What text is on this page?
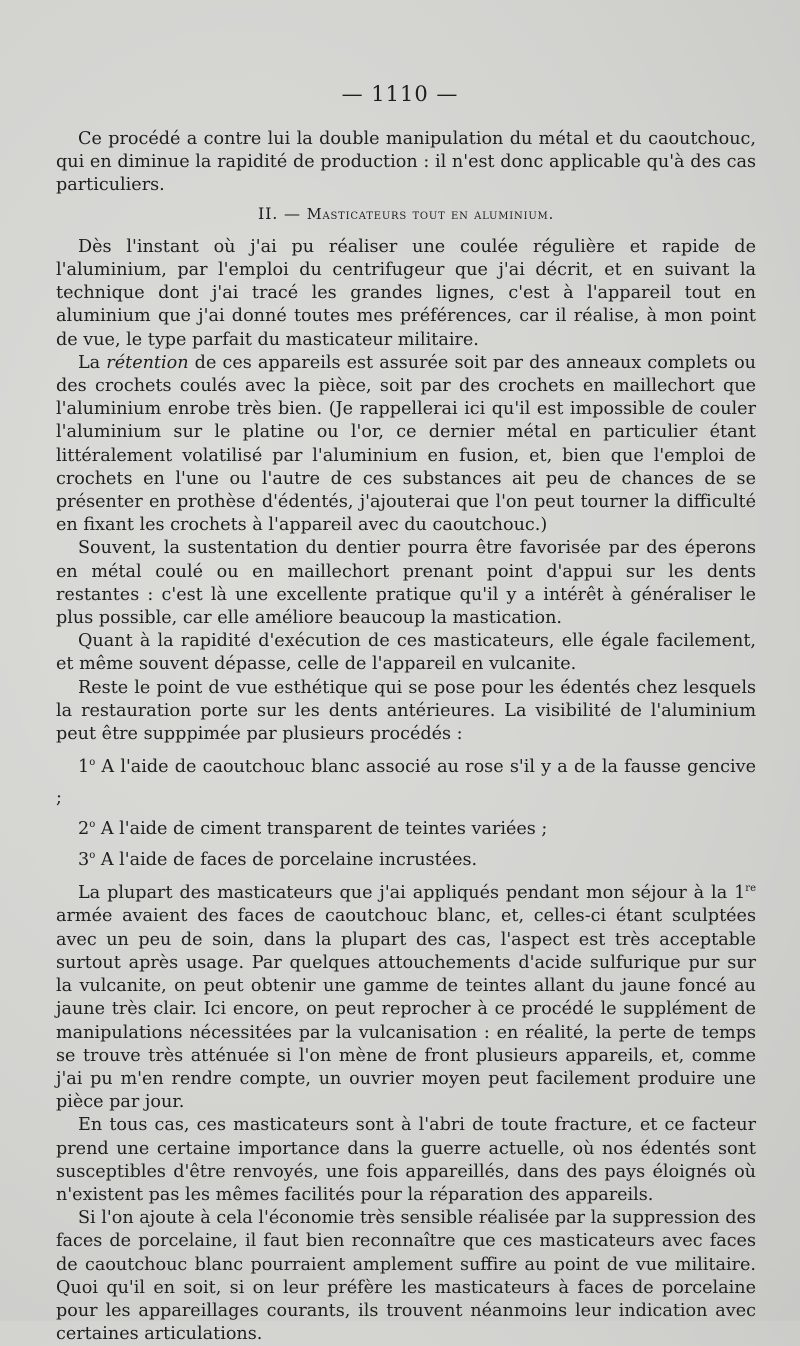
— 1110 —

Ce procédé a contre lui la double manipulation du métal et du caoutchouc, qui en diminue la rapidité de production : il n'est donc applicable qu'à des cas particuliers.

II. — Masticateurs tout en aluminium.

Dès l'instant où j'ai pu réaliser une coulée régulière et rapide de l'aluminium, par l'emploi du centrifugeur que j'ai décrit, et en suivant la technique dont j'ai tracé les grandes lignes, c'est à l'appareil tout en aluminium que j'ai donné toutes mes préférences, car il réalise, à mon point de vue, le type parfait du masticateur militaire.

La rétention de ces appareils est assurée soit par des anneaux complets ou des crochets coulés avec la pièce, soit par des crochets en maillechort que l'aluminium enrobe très bien. (Je rappellerai ici qu'il est impossible de couler l'aluminium sur le platine ou l'or, ce dernier métal en particulier étant littéralement volatilisé par l'aluminium en fusion, et, bien que l'emploi de crochets en l'une ou l'autre de ces substances ait peu de chances de se présenter en prothèse d'édentés, j'ajouterai que l'on peut tourner la difficulté en fixant les crochets à l'appareil avec du caoutchouc.)

Souvent, la sustentation du dentier pourra être favorisée par des éperons en métal coulé ou en maillechort prenant point d'appui sur les dents restantes : c'est là une excellente pratique qu'il y a intérêt à généraliser le plus possible, car elle améliore beaucoup la mastication.

Quant à la rapidité d'exécution de ces masticateurs, elle égale facilement, et même souvent dépasse, celle de l'appareil en vulcanite.

Reste le point de vue esthétique qui se pose pour les édentés chez lesquels la restauration porte sur les dents antérieures. La visibilité de l'aluminium peut être supppimée par plusieurs procédés :

1$^o$ A l'aide de caoutchouc blanc associé au rose s'il y a de la fausse gencive ;

2$^o$ A l'aide de ciment transparent de teintes variées ;

3$^o$ A l'aide de faces de porcelaine incrustées.

La plupart des masticateurs que j'ai appliqués pendant mon séjour à la 1re armée avaient des faces de caoutchouc blanc, et, celles-ci étant sculptées avec un peu de soin, dans la plupart des cas, l'aspect est très acceptable surtout après usage. Par quelques attouchements d'acide sulfurique pur sur la vulcanite, on peut obtenir une gamme de teintes allant du jaune foncé au jaune très clair. Ici encore, on peut reprocher à ce procédé le supplément de manipulations nécessitées par la vulcanisation : en réalité, la perte de temps se trouve très atténuée si l'on mène de front plusieurs appareils, et, comme j'ai pu m'en rendre compte, un ouvrier moyen peut facilement produire une pièce par jour.

En tous cas, ces masticateurs sont à l'abri de toute fracture, et ce facteur prend une certaine importance dans la guerre actuelle, où nos édentés sont susceptibles d'être renvoyés, une fois appareillés, dans des pays éloignés où n'existent pas les mêmes facilités pour la réparation des appareils.

Si l'on ajoute à cela l'économie très sensible réalisée par la suppression des faces de porcelaine, il faut bien reconnaître que ces masticateurs avec faces de caoutchouc blanc pourraient amplement suffire au point de vue militaire. Quoi qu'il en soit, si on leur préfère les masticateurs à faces de porcelaine pour les appareillages courants, ils trouvent néanmoins leur indication avec certaines articulations.
